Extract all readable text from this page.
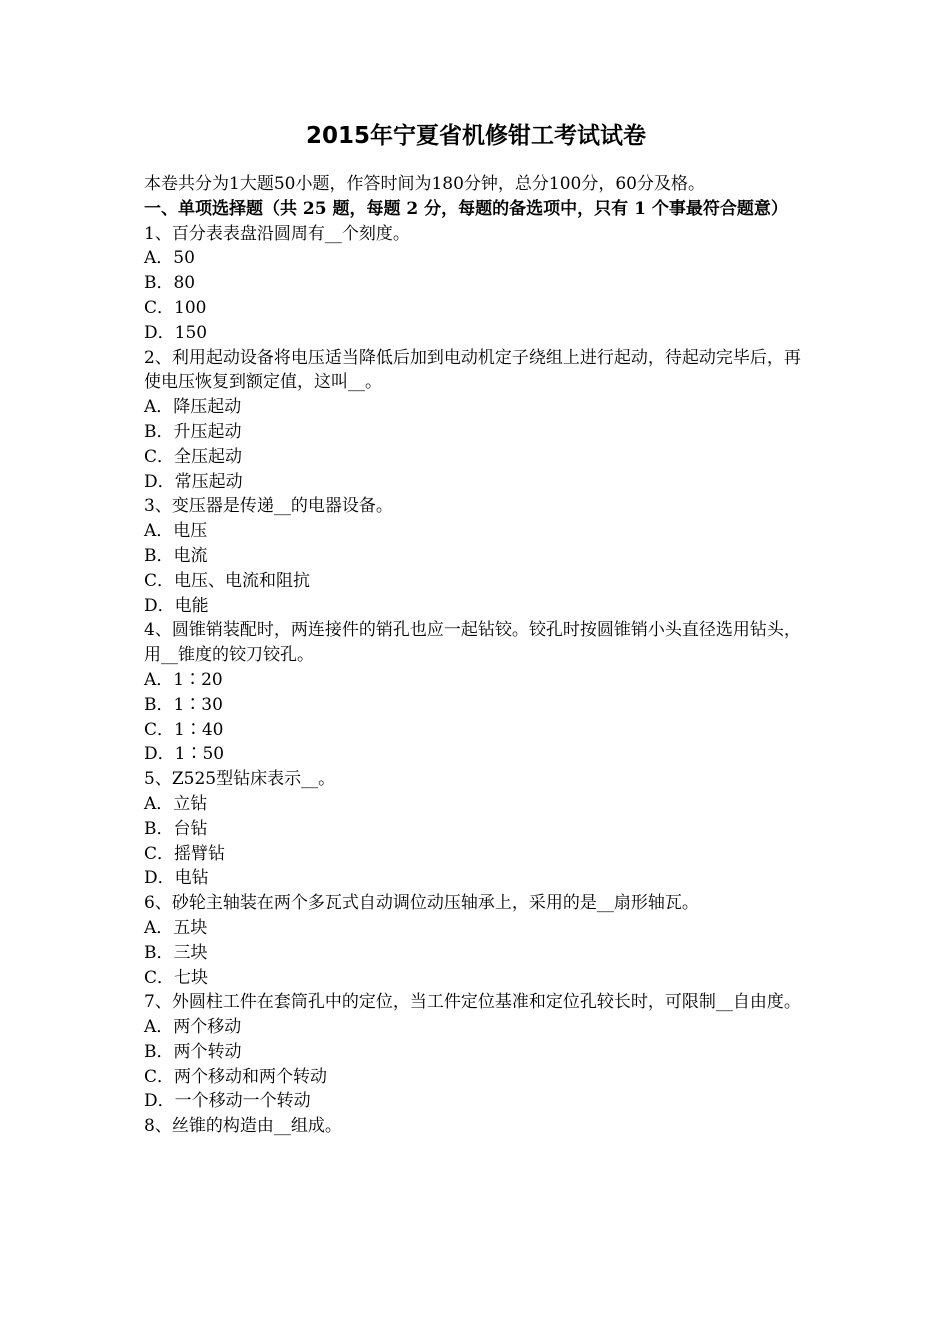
2015年宁夏省机修钳工考试试卷

本卷共分为1大题50小题，作答时间为180分钟，总分100分，60分及格。

一、单项选择题（共 25 题，每题 2 分，每题的备选项中，只有 1 个事最符合题意）

1、百分表表盘沿圆周有__个刻度。

A．50

B．80

C．100

D．150

2、利用起动设备将电压适当降低后加到电动机定子绕组上进行起动，待起动完毕后，再使电压恢复到额定值，这叫__。

A．降压起动

B．升压起动

C．全压起动

D．常压起动

3、变压器是传递__的电器设备。

A．电压

B．电流

C．电压、电流和阻抗

D．电能

4、圆锥销装配时，两连接件的销孔也应一起钻铰。铰孔时按圆锥销小头直径选用钻头，用__锥度的铰刀铰孔。

A．1∶20

B．1∶30

C．1∶40

D．1∶50

5、Z525型钻床表示__。

A．立钻

B．台钻

C．摇臂钻

D．电钻

6、砂轮主轴装在两个多瓦式自动调位动压轴承上，采用的是__扇形轴瓦。

A．五块

B．三块

C．七块

7、外圆柱工件在套筒孔中的定位，当工件定位基准和定位孔较长时，可限制__自由度。

A．两个移动

B．两个转动

C．两个移动和两个转动

D．一个移动一个转动

8、丝锥的构造由__组成。
